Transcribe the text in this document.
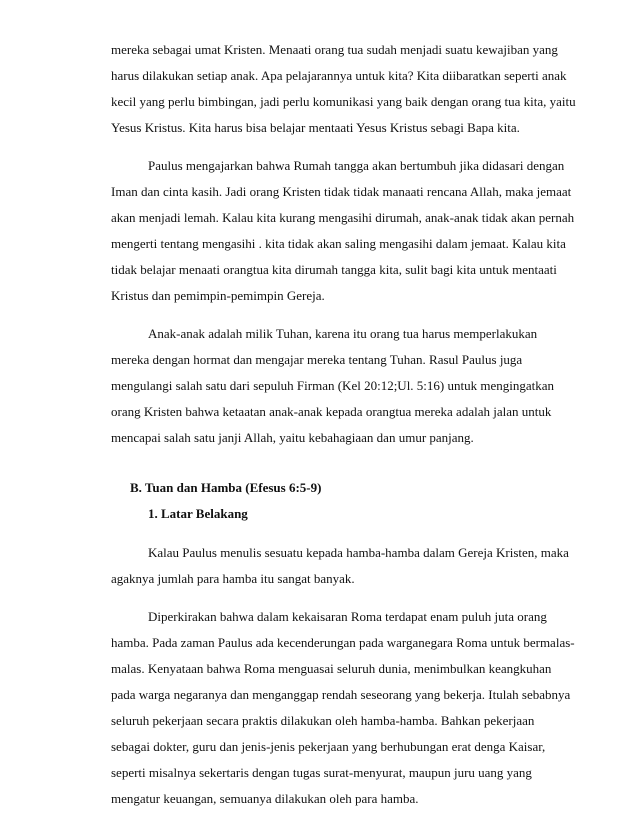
mereka sebagai umat Kristen. Menaati orang tua sudah menjadi suatu kewajiban yang
harus dilakukan setiap anak. Apa pelajarannya untuk kita? Kita diibaratkan seperti anak
kecil yang perlu bimbingan, jadi perlu komunikasi yang baik dengan orang tua kita, yaitu
Yesus Kristus. Kita harus bisa belajar mentaati Yesus Kristus sebagi Bapa kita.
Paulus mengajarkan bahwa Rumah tangga akan bertumbuh jika didasari dengan
Iman dan cinta kasih. Jadi orang Kristen tidak tidak manaati rencana Allah, maka jemaat
akan menjadi lemah. Kalau kita kurang mengasihi dirumah, anak-anak tidak akan pernah
mengerti tentang mengasihi . kita tidak akan saling mengasihi dalam jemaat. Kalau kita
tidak belajar menaati orangtua kita dirumah tangga kita, sulit bagi kita untuk mentaati
Kristus dan pemimpin-pemimpin Gereja.
Anak-anak adalah milik Tuhan, karena itu orang tua harus memperlakukan
mereka dengan hormat dan mengajar mereka tentang Tuhan. Rasul Paulus juga
mengulangi salah satu dari sepuluh Firman (Kel 20:12;Ul. 5:16) untuk mengingatkan
orang Kristen bahwa ketaatan anak-anak kepada orangtua mereka adalah jalan untuk
mencapai salah satu janji Allah, yaitu kebahagiaan dan umur panjang.
B. Tuan dan Hamba (Efesus 6:5-9)
1. Latar Belakang
Kalau Paulus menulis sesuatu kepada hamba-hamba dalam Gereja Kristen, maka
agaknya jumlah para hamba itu sangat banyak.
Diperkirakan bahwa dalam kekaisaran Roma terdapat enam puluh juta orang
hamba. Pada zaman Paulus ada kecenderungan pada warganegara Roma untuk bermalas-
malas. Kenyataan bahwa Roma menguasai seluruh dunia, menimbulkan keangkuhan
pada warga negaranya dan menganggap rendah seseorang yang bekerja. Itulah sebabnya
seluruh pekerjaan secara praktis dilakukan oleh hamba-hamba. Bahkan pekerjaan
sebagai dokter, guru dan jenis-jenis pekerjaan yang berhubungan erat denga Kaisar,
seperti misalnya sekertaris dengan tugas surat-menyurat, maupun juru uang yang
mengatur keuangan, semuanya dilakukan oleh para hamba.
